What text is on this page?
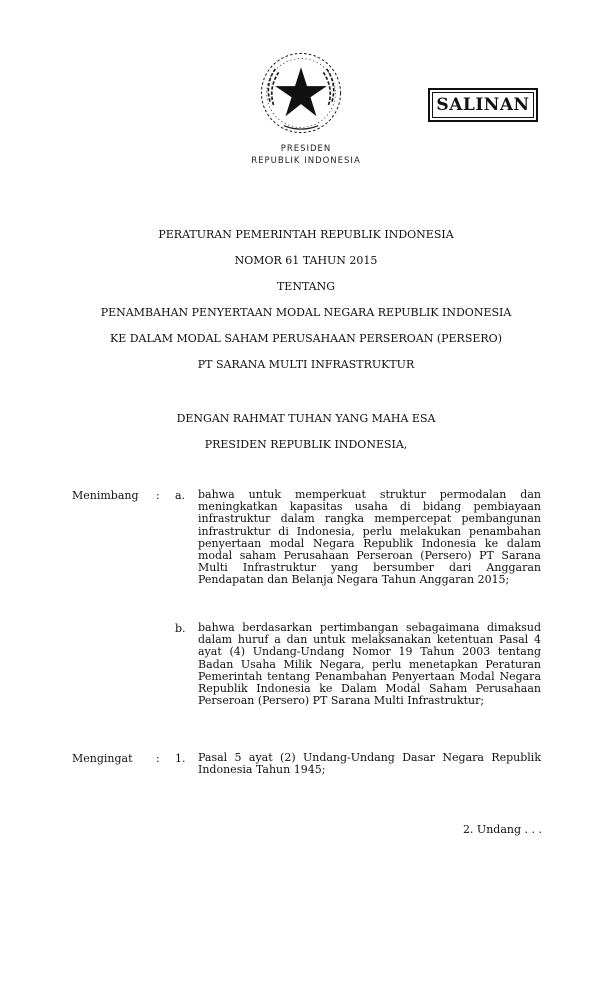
SALINAN
PRESIDEN
REPUBLIK INDONESIA
PERATURAN PEMERINTAH REPUBLIK INDONESIA
NOMOR 61 TAHUN 2015
TENTANG
PENAMBAHAN PENYERTAAN MODAL NEGARA REPUBLIK INDONESIA
KE DALAM MODAL SAHAM PERUSAHAAN PERSEROAN (PERSERO)
PT SARANA MULTI INFRASTRUKTUR
DENGAN RAHMAT TUHAN YANG MAHA ESA
PRESIDEN REPUBLIK INDONESIA,
Menimbang : a. bahwa untuk memperkuat struktur permodalan dan meningkatkan kapasitas usaha di bidang pembiayaan infrastruktur dalam rangka mempercepat pembangunan infrastruktur di Indonesia, perlu melakukan penambahan penyertaan modal Negara Republik Indonesia ke dalam modal saham Perusahaan Perseroan (Persero) PT Sarana Multi Infrastruktur yang bersumber dari Anggaran Pendapatan dan Belanja Negara Tahun Anggaran 2015;
b. bahwa berdasarkan pertimbangan sebagaimana dimaksud dalam huruf a dan untuk melaksanakan ketentuan Pasal 4 ayat (4) Undang-Undang Nomor 19 Tahun 2003 tentang Badan Usaha Milik Negara, perlu menetapkan Peraturan Pemerintah tentang Penambahan Penyertaan Modal Negara Republik Indonesia ke Dalam Modal Saham Perusahaan Perseroan (Persero) PT Sarana Multi Infrastruktur;
Mengingat : 1. Pasal 5 ayat (2) Undang-Undang Dasar Negara Republik Indonesia Tahun 1945;
2. Undang . . .
